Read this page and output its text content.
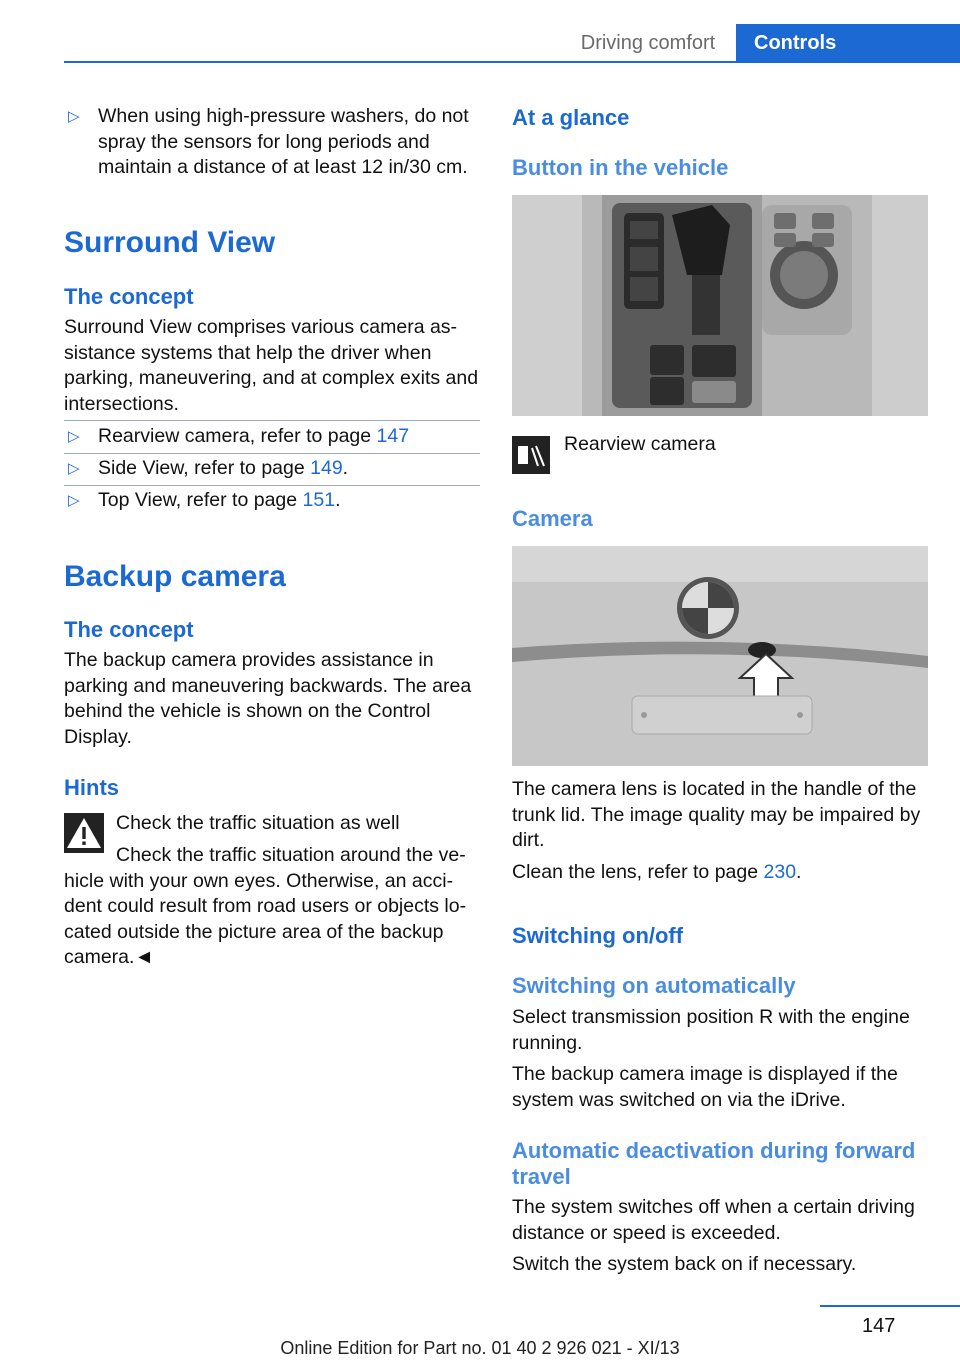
Driving comfort	Controls
▷ When using high-pressure washers, do not spray the sensors for long periods and maintain a distance of at least 12 in/30 cm.
Surround View
The concept

Surround View comprises various camera as-sistance systems that help the driver when parking, maneuvering, and at complex exits and intersections.

▷ Rearview camera, refer to page 147
▷ Side View, refer to page 149.
▷ Top View, refer to page 151.
Backup camera
The concept

The backup camera provides assistance in parking and maneuvering backwards. The area behind the vehicle is shown on the Control Display.

Hints

Check the traffic situation as well

Check the traffic situation around the ve-hicle with your own eyes. Otherwise, an acci-dent could result from road users or objects lo-cated outside the picture area of the backup camera.◄

At a glance
Button in the vehicle

Rearview camera

Camera

The camera lens is located in the handle of the trunk lid. The image quality may be impaired by dirt.

Clean the lens, refer to page 230.

Switching on/off
Switching on automatically

Select transmission position R with the engine running.

The backup camera image is displayed if the system was switched on via the iDrive.

Automatic deactivation during forward travel

The system switches off when a certain driving distance or speed is exceeded.

Switch the system back on if necessary.

147
Online Edition for Part no. 01 40 2 926 021 - XI/13
